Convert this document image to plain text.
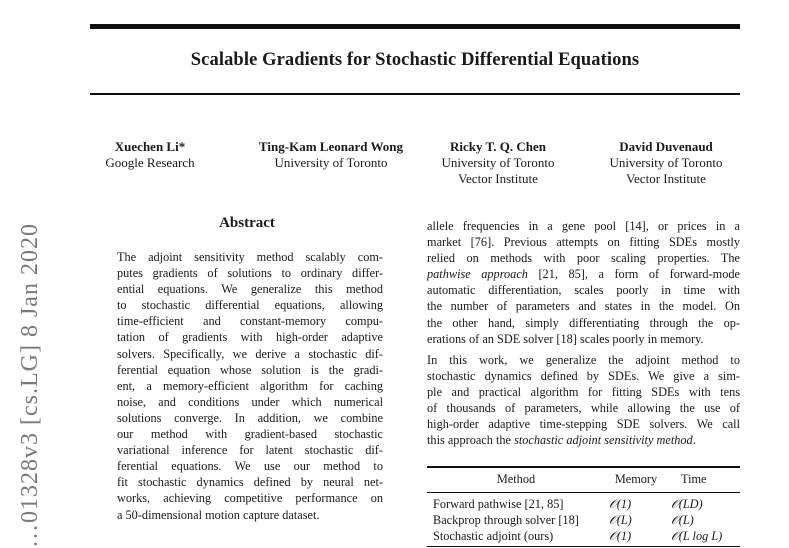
Scalable Gradients for Stochastic Differential Equations
Xuechen Li*
Google Research
Ting-Kam Leonard Wong
University of Toronto
Ricky T. Q. Chen
University of Toronto
Vector Institute
David Duvenaud
University of Toronto
Vector Institute
…01328v3 [cs.LG] 8 Jan 2020
Abstract
The adjoint sensitivity method scalably com-
putes gradients of solutions to ordinary differ-
ential equations. We generalize this method
to stochastic differential equations, allowing
time-efficient and constant-memory compu-
tation of gradients with high-order adaptive
solvers. Specifically, we derive a stochastic dif-
ferential equation whose solution is the gradi-
ent, a memory-efficient algorithm for caching
noise, and conditions under which numerical
solutions converge. In addition, we combine
our method with gradient-based stochastic
variational inference for latent stochastic dif-
ferential equations. We use our method to
fit stochastic dynamics defined by neural net-
works, achieving competitive performance on
a 50-dimensional motion capture dataset.
allele frequencies in a gene pool [14], or prices in a
market [76]. Previous attempts on fitting SDEs mostly
relied on methods with poor scaling properties. The
pathwise approach [21, 85], a form of forward-mode
automatic differentiation, scales poorly in time with
the number of parameters and states in the model. On
the other hand, simply differentiating through the op-
erations of an SDE solver [18] scales poorly in memory.
In this work, we generalize the adjoint method to
stochastic dynamics defined by SDEs. We give a sim-
ple and practical algorithm for fitting SDEs with tens
of thousands of parameters, while allowing the use of
high-order adaptive time-stepping SDE solvers. We call
this approach the stochastic adjoint sensitivity method.
Method	Memory	Time
Forward pathwise [21, 85]	𝒪(1)	𝒪(LD)
Backprop through solver [18]	𝒪(L)	𝒪(L)
Stochastic adjoint (ours)	𝒪(1)	𝒪(L log L)
